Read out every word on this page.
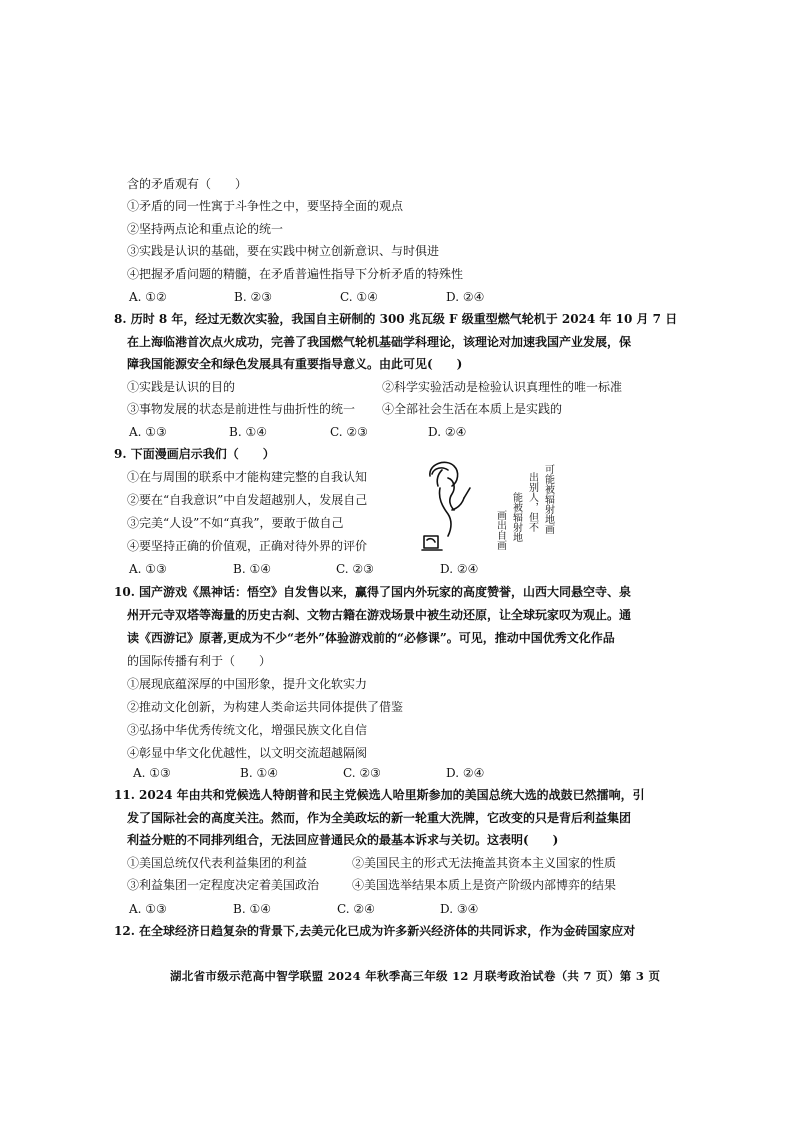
含的矛盾观有（　　）
①矛盾的同一性寓于斗争性之中，要坚持全面的观点
②坚持两点论和重点论的统一
③实践是认识的基础，要在实践中树立创新意识、与时俱进
④把握矛盾问题的精髓，在矛盾普遍性指导下分析矛盾的特殊性
A. ①②	B. ②③	C. ①④	D. ②④
8. 历时 8 年，经过无数次实验，我国自主研制的 300 兆瓦级 F 级重型燃气轮机于 2024 年 10 月 7 日
在上海临港首次点火成功，完善了我国燃气轮机基础学科理论，该理论对加速我国产业发展，保
障我国能源安全和绿色发展具有重要指导意义。由此可见(　　)
①实践是认识的目的	②科学实验活动是检验认识真理性的唯一标准
③事物发展的状态是前进性与曲折性的统一 ④全部社会生活在本质上是实践的
A. ①③	B. ①④	C. ②③	D. ②④
9. 下面漫画启示我们（　　）
①在与周围的联系中才能构建完整的自我认知
②要在“自我意识”中自发超越别人，发展自己
③完美“人设”不如“真我”，要敢于做自己
④要坚持正确的价值观，正确对待外界的评价
A. ①③	B. ①④	C. ②③	D. ②④
可能被辐射地画
出别人，但不
能被辐射地
画出自画
10. 国产游戏《黑神话：悟空》自发售以来，赢得了国内外玩家的高度赞誉，山西大同悬空寺、泉
州开元寺双塔等海量的历史古刹、文物古籍在游戏场景中被生动还原，让全球玩家叹为观止。通
读《西游记》原著,更成为不少“老外”体验游戏前的“必修课”。可见，推动中国优秀文化作品
的国际传播有利于（　　）
①展现底蕴深厚的中国形象，提升文化软实力
②推动文化创新，为构建人类命运共同体提供了借鉴
③弘扬中华优秀传统文化，增强民族文化自信
④彰显中华文化优越性，以文明交流超越隔阂
A. ①③	B. ①④	C. ②③	D. ②④
11. 2024 年由共和党候选人特朗普和民主党候选人哈里斯参加的美国总统大选的战鼓已然擂响，引
发了国际社会的高度关注。然而，作为全美政坛的新一轮重大洗牌，它改变的只是背后利益集团
利益分赃的不同排列组合，无法回应普通民众的最基本诉求与关切。这表明(　　)
①美国总统仅代表利益集团的利益	②美国民主的形式无法掩盖其资本主义国家的性质
③利益集团一定程度决定着美国政治	④美国选举结果本质上是资产阶级内部博弈的结果
A. ①③	B. ①④	C. ②④	D. ③④
12. 在全球经济日趋复杂的背景下,去美元化已成为许多新兴经济体的共同诉求，作为金砖国家应对
湖北省市级示范高中智学联盟 2024 年秋季高三年级 12 月联考政治试卷（共 7 页）第 3 页
